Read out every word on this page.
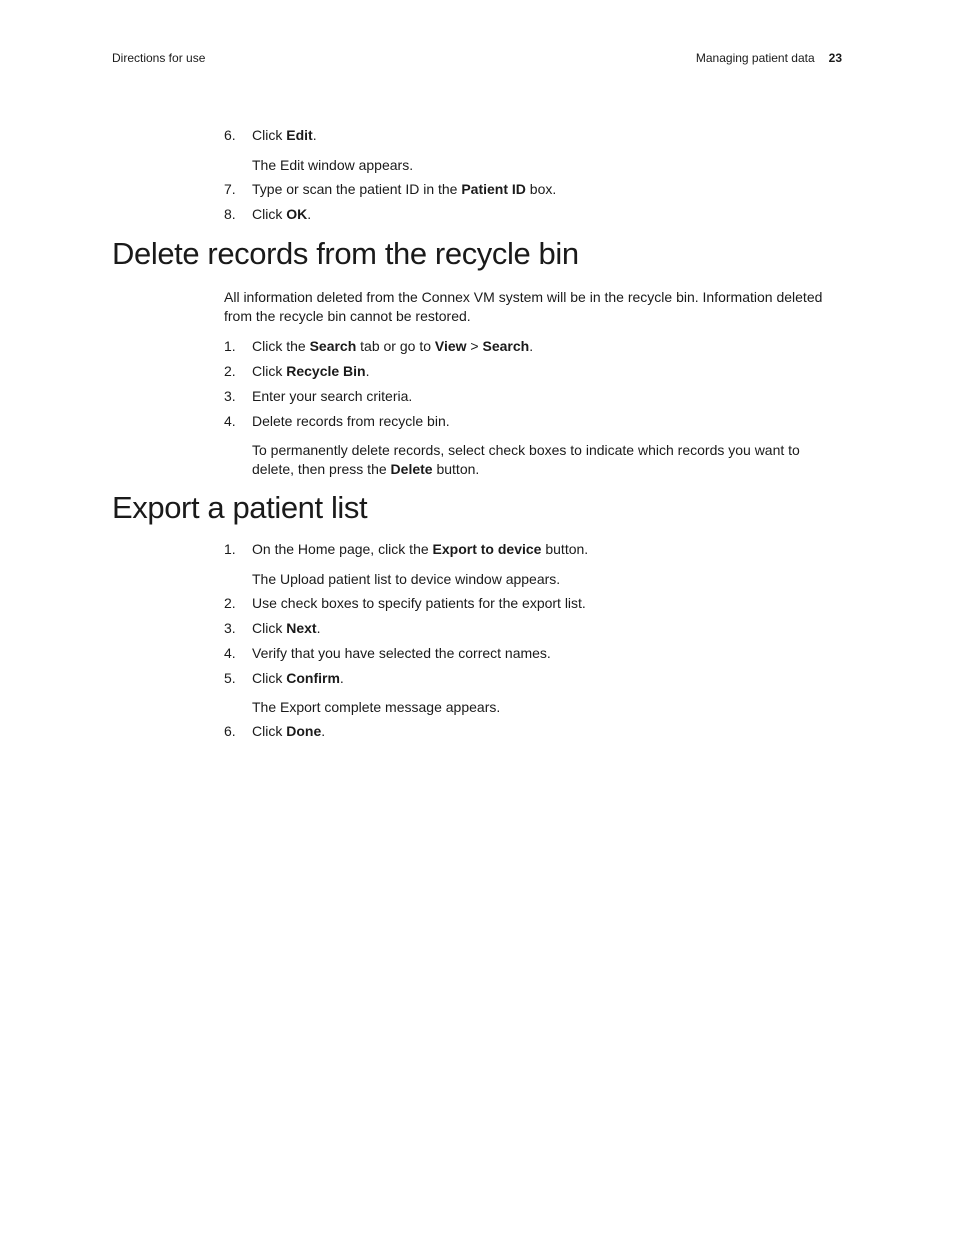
Directions for use	Managing patient data 23
6. Click Edit.
The Edit window appears.
7. Type or scan the patient ID in the Patient ID box.
8. Click OK.
Delete records from the recycle bin
All information deleted from the Connex VM system will be in the recycle bin. Information deleted from the recycle bin cannot be restored.
1. Click the Search tab or go to View > Search.
2. Click Recycle Bin.
3. Enter your search criteria.
4. Delete records from recycle bin.
To permanently delete records, select check boxes to indicate which records you want to delete, then press the Delete button.
Export a patient list
1. On the Home page, click the Export to device button.
The Upload patient list to device window appears.
2. Use check boxes to specify patients for the export list.
3. Click Next.
4. Verify that you have selected the correct names.
5. Click Confirm.
The Export complete message appears.
6. Click Done.
